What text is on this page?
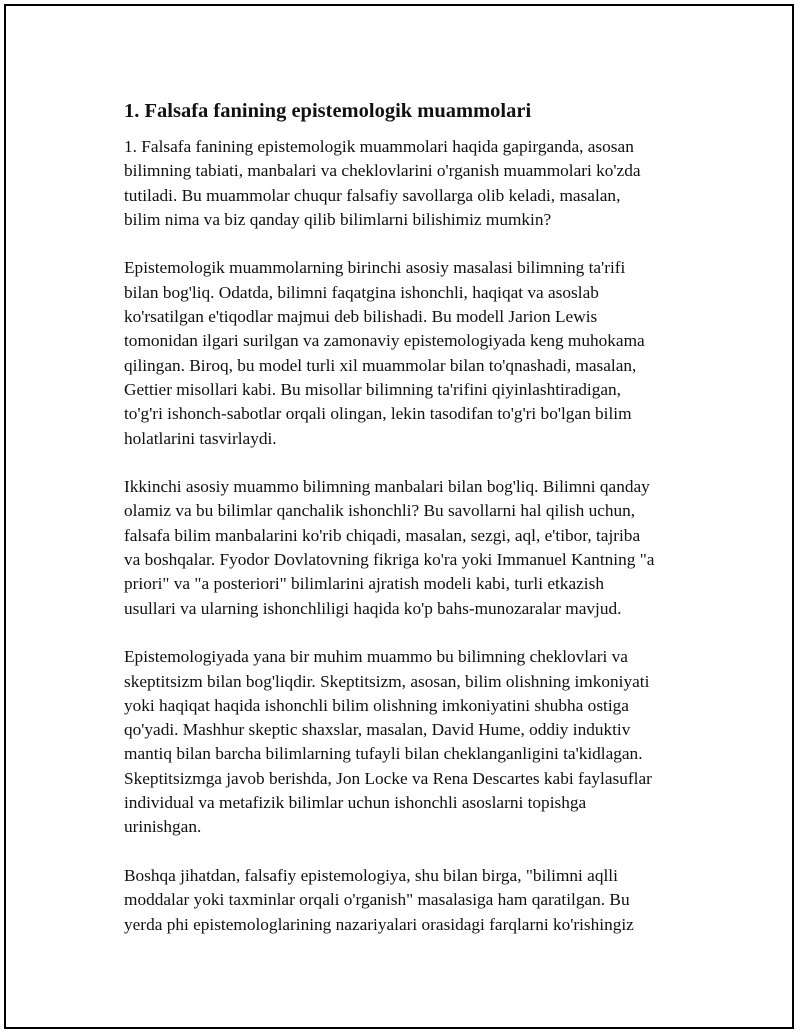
1. Falsafa fanining epistemologik muammolari

1. Falsafa fanining epistemologik muammolari haqida gapirganda, asosan
bilimning tabiati, manbalari va cheklovlarini o'rganish muammolari ko'zda
tutiladi. Bu muammolar chuqur falsafiy savollarga olib keladi, masalan,
bilim nima va biz qanday qilib bilimlarni bilishimiz mumkin?

Epistemologik muammolarning birinchi asosiy masalasi bilimning ta'rifi
bilan bog'liq. Odatda, bilimni faqatgina ishonchli, haqiqat va asoslab
ko'rsatilgan e'tiqodlar majmui deb bilishadi. Bu modell Jarion Lewis
tomonidan ilgari surilgan va zamonaviy epistemologiyada keng muhokama
qilingan. Biroq, bu model turli xil muammolar bilan to'qnashadi, masalan,
Gettier misollari kabi. Bu misollar bilimning ta'rifini qiyinlashtiradigan,
to'g'ri ishonch-sabotlar orqali olingan, lekin tasodifan to'g'ri bo'lgan bilim
holatlarini tasvirlaydi.

Ikkinchi asosiy muammo bilimning manbalari bilan bog'liq. Bilimni qanday
olamiz va bu bilimlar qanchalik ishonchli? Bu savollarni hal qilish uchun,
falsafa bilim manbalarini ko'rib chiqadi, masalan, sezgi, aql, e'tibor, tajriba
va boshqalar. Fyodor Dovlatovning fikriga ko'ra yoki Immanuel Kantning "a
priori" va "a posteriori" bilimlarini ajratish modeli kabi, turli etkazish
usullari va ularning ishonchliligi haqida ko'p bahs-munozaralar mavjud.

Epistemologiyada yana bir muhim muammo bu bilimning cheklovlari va
skeptitsizm bilan bog'liqdir. Skeptitsizm, asosan, bilim olishning imkoniyati
yoki haqiqat haqida ishonchli bilim olishning imkoniyatini shubha ostiga
qo'yadi. Mashhur skeptic shaxslar, masalan, David Hume, oddiy induktiv
mantiq bilan barcha bilimlarning tufayli bilan cheklanganligini ta'kidlagan.
Skeptitsizmga javob berishda, Jon Locke va Rena Descartes kabi faylasuflar
individual va metafizik bilimlar uchun ishonchli asoslarni topishga
urinishgan.

Boshqa jihatdan, falsafiy epistemologiya, shu bilan birga, "bilimni aqlli
moddalar yoki taxminlar orqali o'rganish" masalasiga ham qaratilgan. Bu
yerda phi epistemologlarining nazariyalari orasidagi farqlarni ko'rishingiz
